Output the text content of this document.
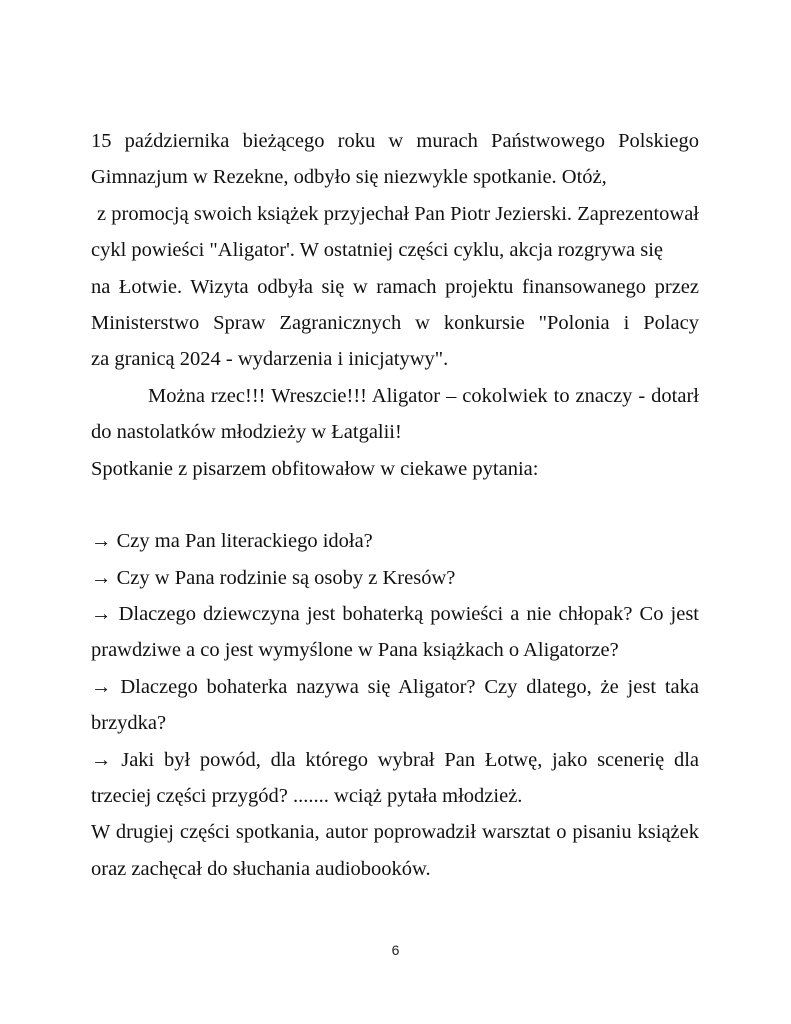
15 października bieżącego roku w murach Państwowego Polskiego
Gimnazjum w Rezekne, odbyło się niezwykle spotkanie. Otóż,
z promocją swoich książek przyjechał Pan Piotr Jezierski. Zaprezentował
cykl powieści "Aligator'. W ostatniej części cyklu, akcja rozgrywa się
na Łotwie. Wizyta odbyła się w ramach projektu finansowanego przez
Ministerstwo Spraw Zagranicznych w konkursie "Polonia i Polacy
za granicą 2024 - wydarzenia i inicjatywy".
Można rzec!!! Wreszcie!!! Aligator – cokolwiek to znaczy - dotarł
do nastolatków młodzieży w Łatgalii!
Spotkanie z pisarzem obfitowałow w ciekawe pytania:
→ Czy ma Pan literackiego idoła?
→ Czy w Pana rodzinie są osoby z Kresów?
→ Dlaczego dziewczyna jest bohaterką powieści a nie chłopak? Co jest
prawdziwe a co jest wymyślone w Pana książkach o Aligatorze?
→ Dlaczego bohaterka nazywa się Aligator? Czy dlatego, że jest taka
brzydka?
→ Jaki był powód, dla którego wybrał Pan Łotwę, jako scenerię dla
trzeciej części przygód? ....... wciąż pytała młodzież.
W drugiej części spotkania, autor poprowadził warsztat o pisaniu książek
oraz zachęcał do słuchania audiobooków.
6
